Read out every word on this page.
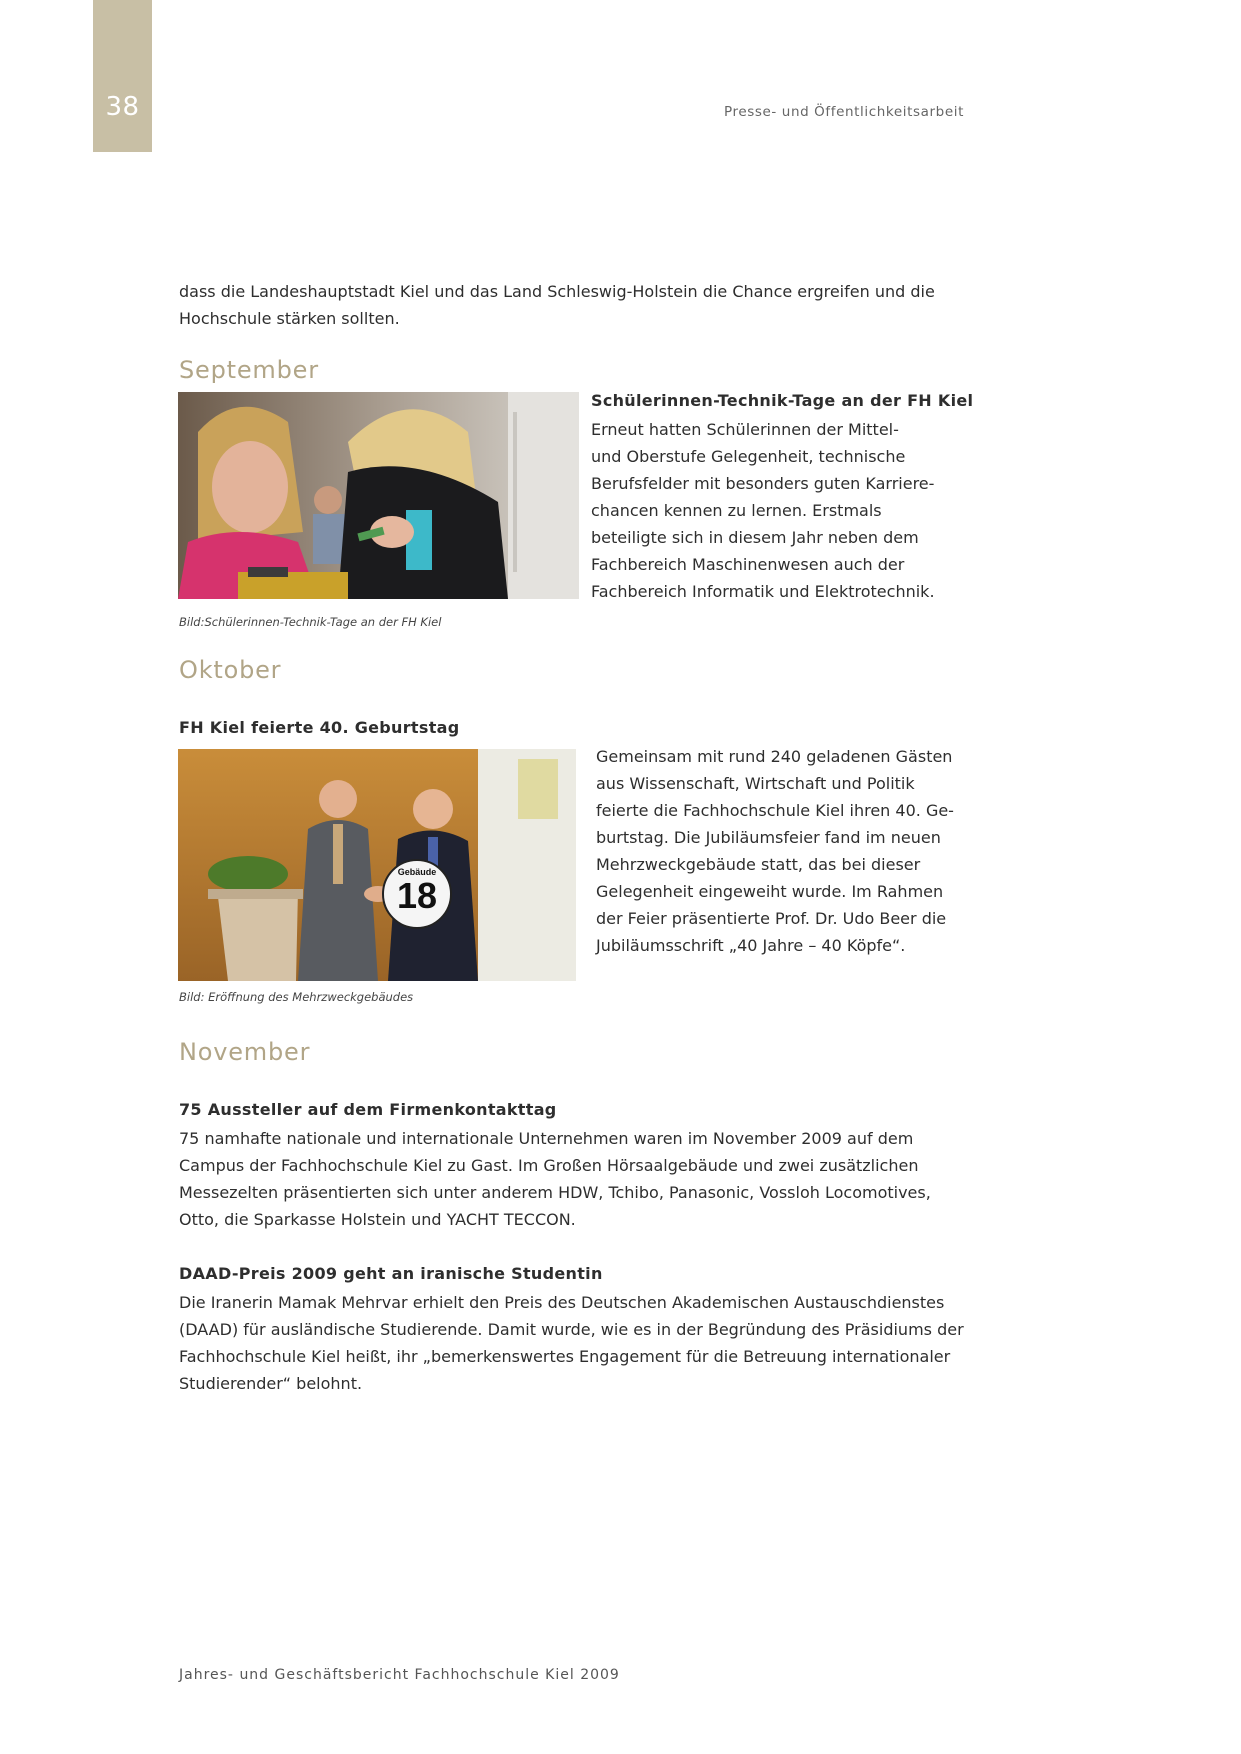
38	Presse- und Öffentlichkeitsarbeit

dass die Landeshauptstadt Kiel und das Land Schleswig-Holstein die Chance ergreifen und die
Hochschule stärken sollten.

September
Schülerinnen-Technik-Tage an der FH Kiel

Erneut hatten Schülerinnen der Mittel-
und Oberstufe Gelegenheit, technische
Berufsfelder mit besonders guten Karriere-
chancen kennen zu lernen. Erstmals
beteiligte sich in diesem Jahr neben dem
Fachbereich Maschinenwesen auch der
Fachbereich Informatik und Elektrotechnik.

Bild:Schülerinnen-Technik-Tage an der FH Kiel

Oktober
FH Kiel feierte 40. Geburtstag
Gebäude
18

Gemeinsam mit rund 240 geladenen Gästen
aus Wissenschaft, Wirtschaft und Politik
feierte die Fachhochschule Kiel ihren 40. Ge-
burtstag. Die Jubiläumsfeier fand im neuen
Mehrzweckgebäude statt, das bei dieser
Gelegenheit eingeweiht wurde. Im Rahmen
der Feier präsentierte Prof. Dr. Udo Beer die
Jubiläumsschrift „40 Jahre – 40 Köpfe“.

Bild: Eröffnung des Mehrzweckgebäudes

November
75 Aussteller auf dem Firmenkontakttag

75 namhafte nationale und internationale Unternehmen waren im November 2009 auf dem
Campus der Fachhochschule Kiel zu Gast. Im Großen Hörsaalgebäude und zwei zusätzlichen
Messezelten präsentierten sich unter anderem HDW, Tchibo, Panasonic, Vossloh Locomotives,
Otto, die Sparkasse Holstein und YACHT TECCON.

DAAD-Preis 2009 geht an iranische Studentin

Die Iranerin Mamak Mehrvar erhielt den Preis des Deutschen Akademischen Austauschdienstes
(DAAD) für ausländische Studierende. Damit wurde, wie es in der Begründung des Präsidiums der
Fachhochschule Kiel heißt, ihr „bemerkenswertes Engagement für die Betreuung internationaler
Studierender“ belohnt.

Jahres- und Geschäftsbericht Fachhochschule Kiel 2009
